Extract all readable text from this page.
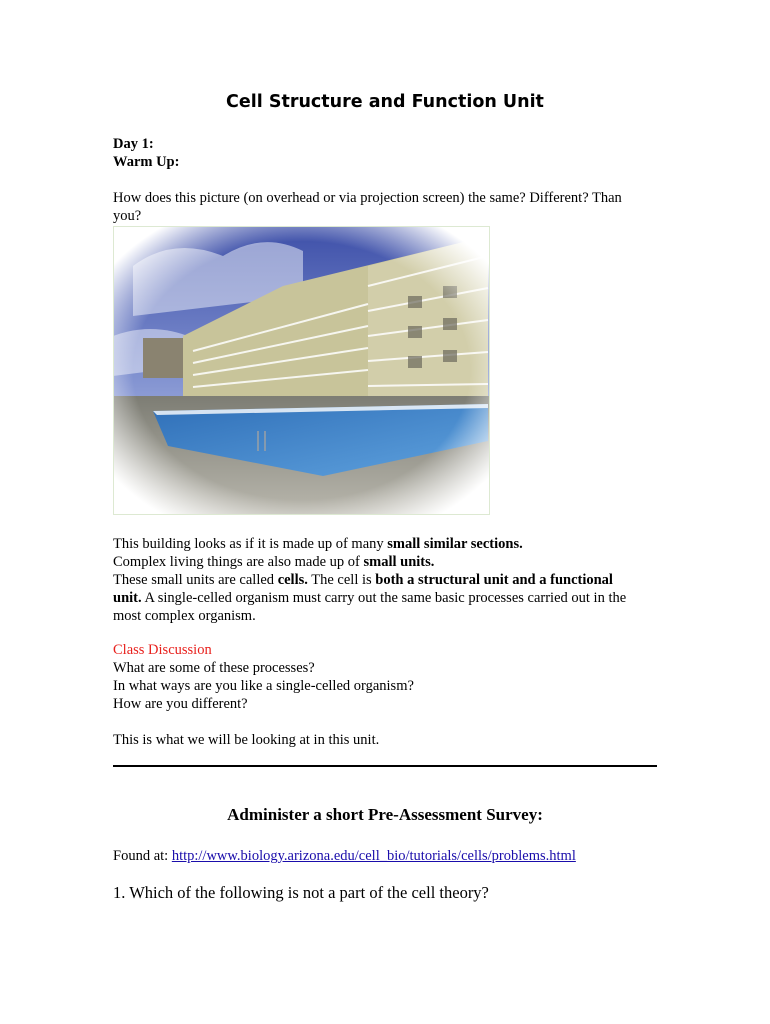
Cell Structure and Function Unit
Day 1:
Warm Up:
How does this picture (on overhead or via projection screen) the same? Different? Than
you?
This building looks as if it is made up of many small similar sections.
Complex living things are also made up of small units.
These small units are called cells. The cell is both a structural unit and a functional
unit. A single-celled organism must carry out the same basic processes carried out in the
most complex organism.
Class Discussion
What are some of these processes?
In what ways are you like a single-celled organism?
How are you different?
This is what we will be looking at in this unit.
Administer a short Pre-Assessment Survey:
Found at: http://www.biology.arizona.edu/cell_bio/tutorials/cells/problems.html
1. Which of the following is not a part of the cell theory?
